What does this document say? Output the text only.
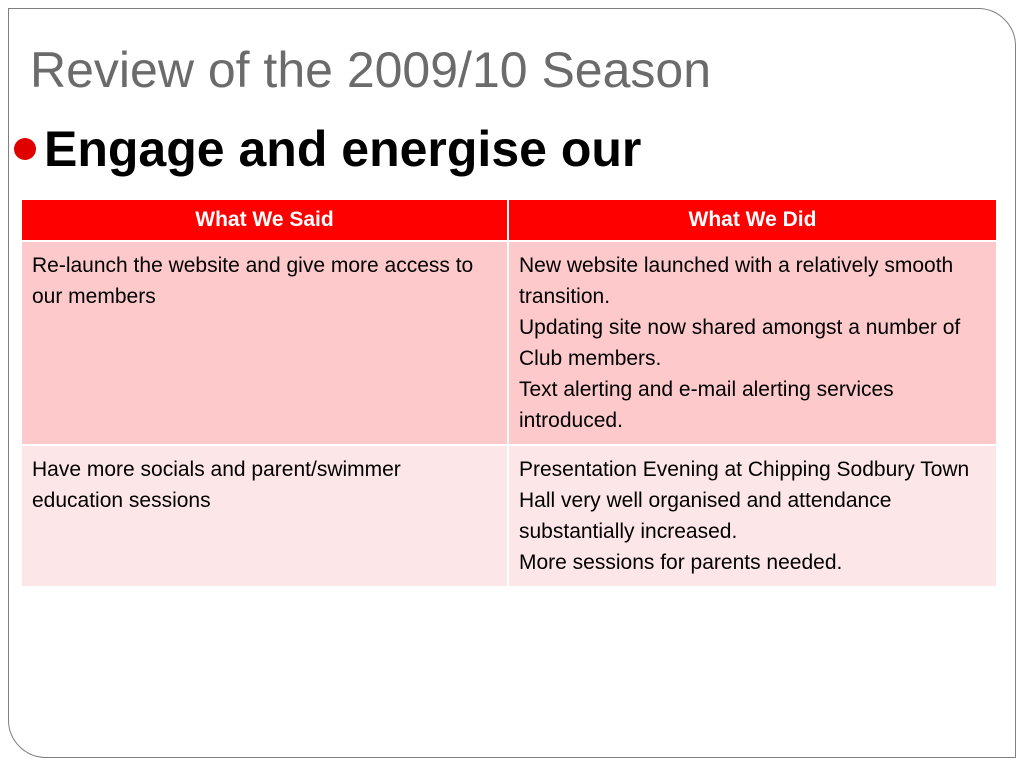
Review of the 2009/10 Season
Engage and energise our
What We Said	What We Did
Re-launch the website and give more access to our members	New website launched with a relatively smooth transition.
Updating site now shared amongst a number of Club members.
Text alerting and e-mail alerting services introduced.

Have more socials and parent/swimmer education sessions	Presentation Evening at Chipping Sodbury Town Hall very well organised and attendance substantially increased.
More sessions for parents needed.
